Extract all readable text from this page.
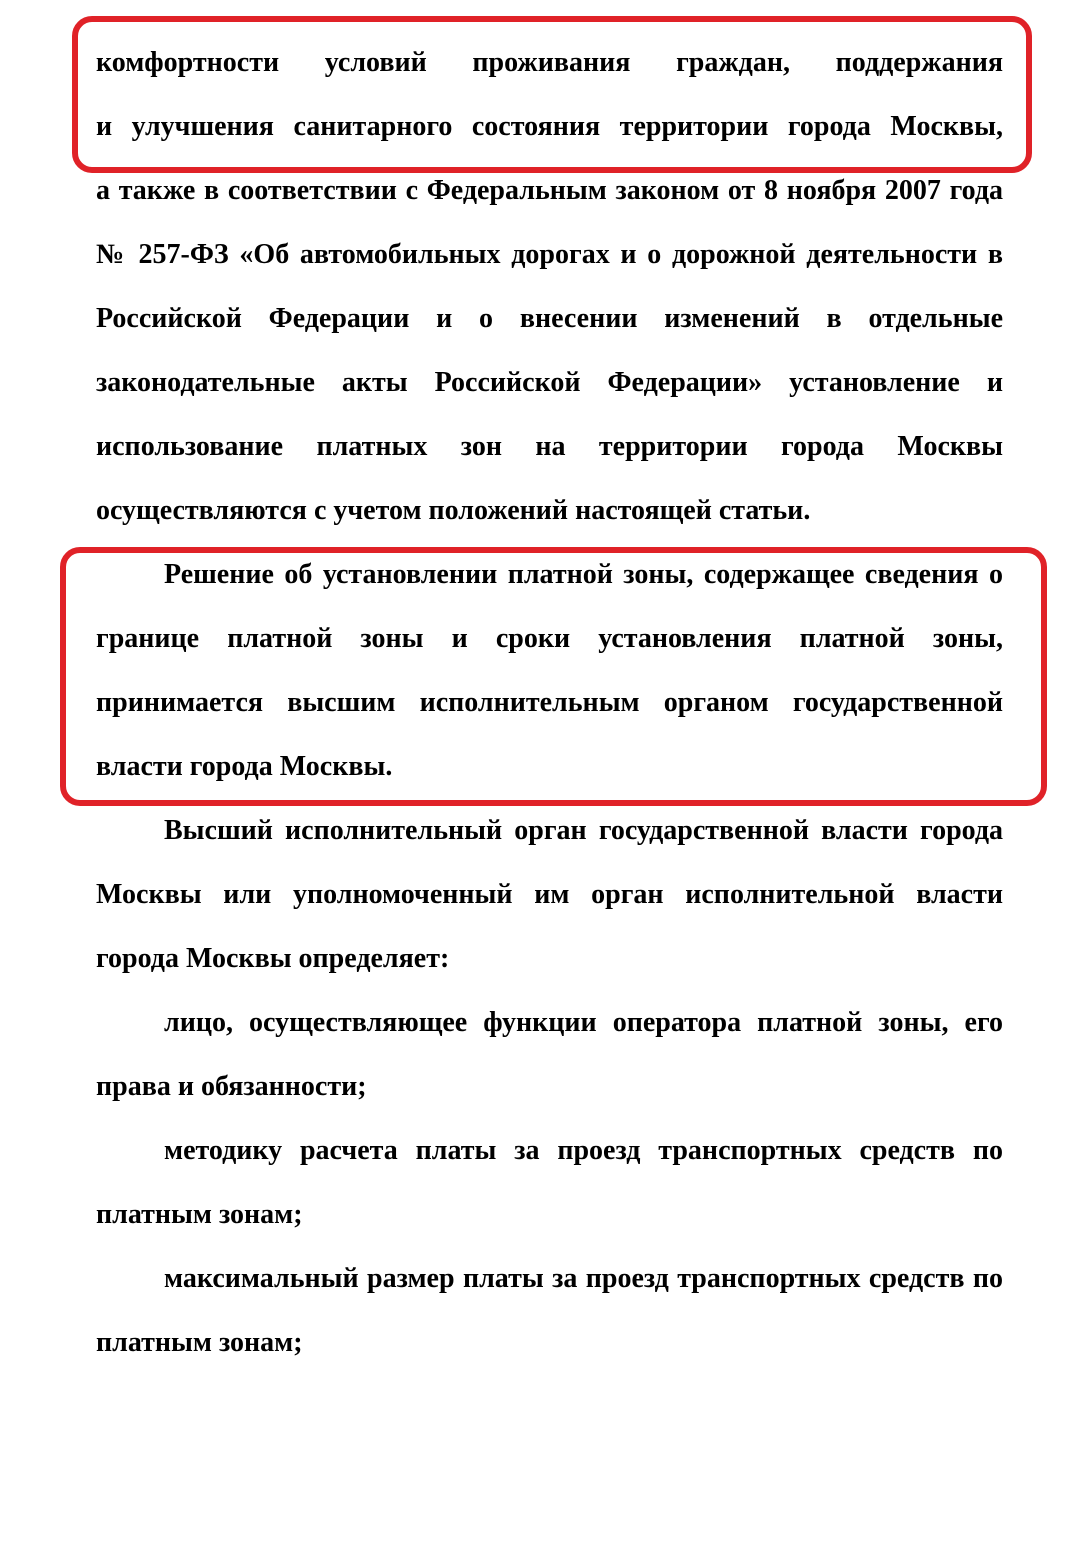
комфортности условий проживания граждан, поддержания
и улучшения санитарного состояния территории города Москвы,
а также в соответствии с Федеральным законом от 8 ноября 2007 года
№ 257-ФЗ «Об автомобильных дорогах и о дорожной деятельности в
Российской Федерации и о внесении изменений в отдельные
законодательные акты Российской Федерации» установление и
использование платных зон на территории города Москвы
осуществляются с учетом положений настоящей статьи.
Решение об установлении платной зоны, содержащее сведения о
границе платной зоны и сроки установления платной зоны,
принимается высшим исполнительным органом государственной
власти города Москвы.
Высший исполнительный орган государственной власти города
Москвы или уполномоченный им орган исполнительной власти
города Москвы определяет:
лицо, осуществляющее функции оператора платной зоны, его
права и обязанности;
методику расчета платы за проезд транспортных средств по
платным зонам;
максимальный размер платы за проезд транспортных средств по
платным зонам;
